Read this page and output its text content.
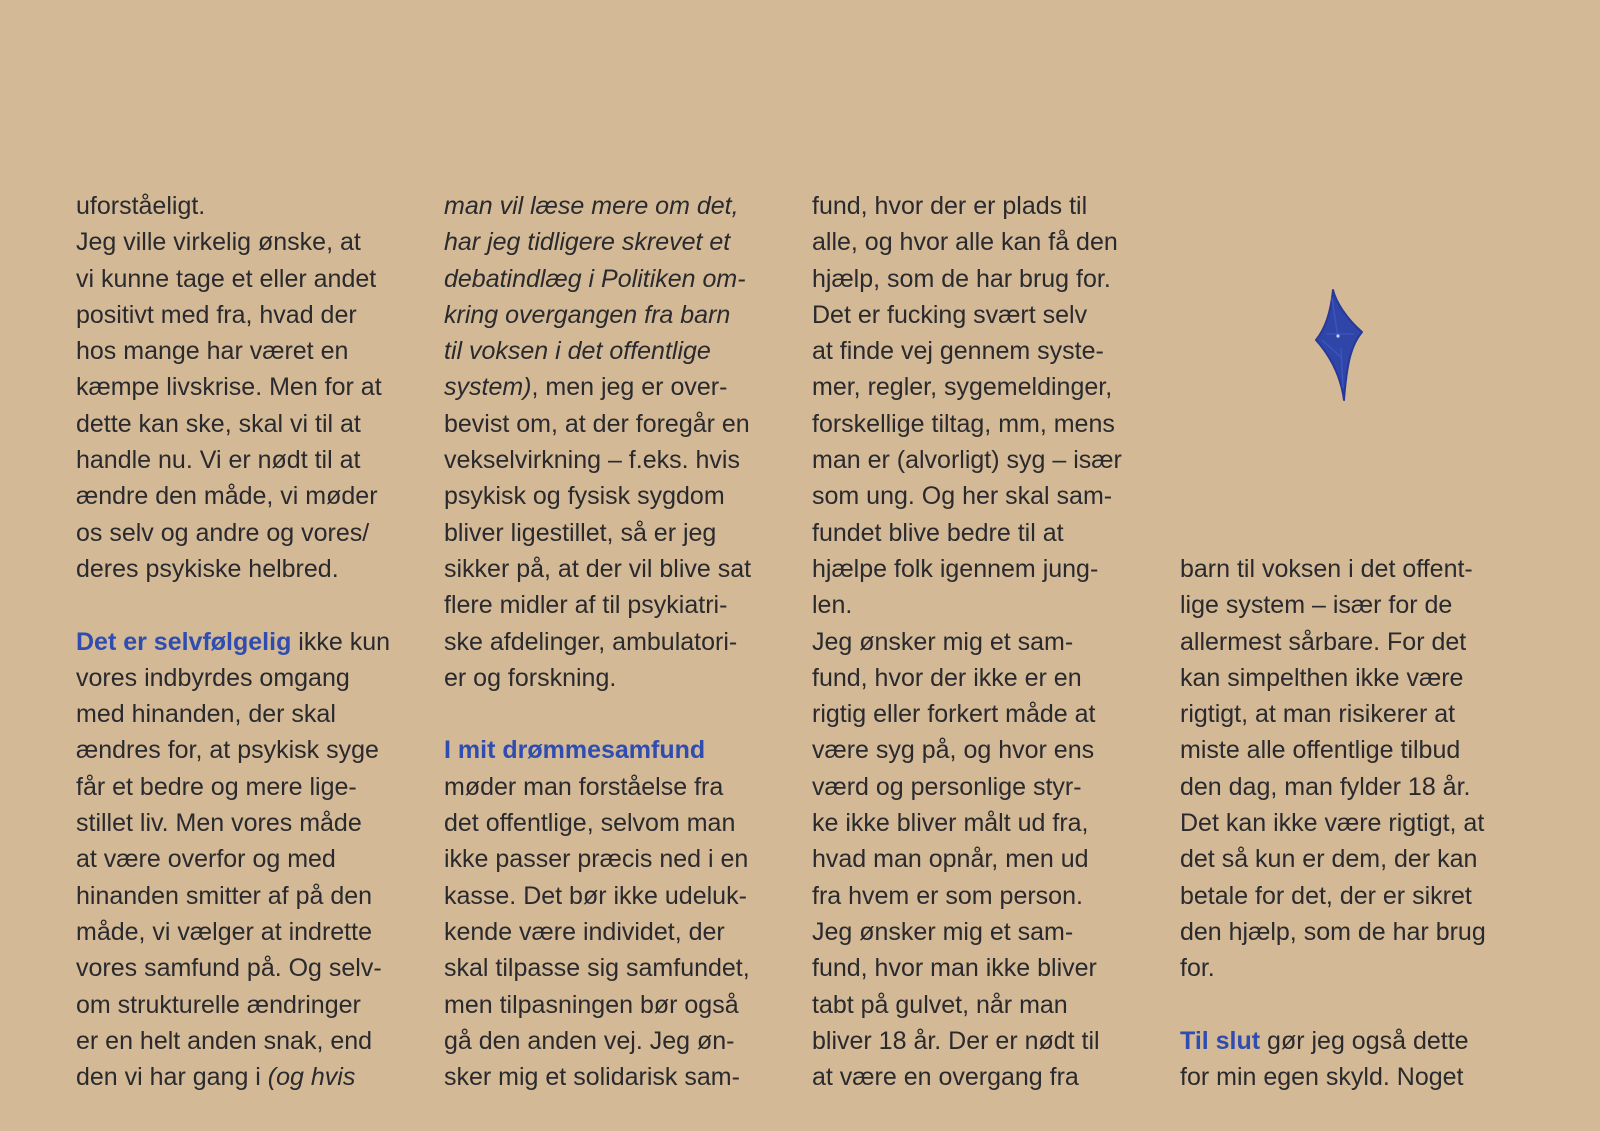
uforståeligt.
Jeg ville virkelig ønske, at
vi kunne tage et eller andet
positivt med fra, hvad der
hos mange har været en
kæmpe livskrise. Men for at
dette kan ske, skal vi til at
handle nu. Vi er nødt til at
ændre den måde, vi møder
os selv og andre og vores/
deres psykiske helbred.
Det er selvfølgelig ikke kun
vores indbyrdes omgang
med hinanden, der skal
ændres for, at psykisk syge
får et bedre og mere lige-
stillet liv. Men vores måde
at være overfor og med
hinanden smitter af på den
måde, vi vælger at indrette
vores samfund på. Og selv-
om strukturelle ændringer
er en helt anden snak, end
den vi har gang i (og hvis
man vil læse mere om det,
har jeg tidligere skrevet et
debatindlæg i Politiken om-
kring overgangen fra barn
til voksen i det offentlige
system), men jeg er over-
bevist om, at der foregår en
vekselvirkning – f.eks. hvis
psykisk og fysisk sygdom
bliver ligestillet, så er jeg
sikker på, at der vil blive sat
flere midler af til psykiatri-
ske afdelinger, ambulatori-
er og forskning.
I mit drømmesamfund
møder man forståelse fra
det offentlige, selvom man
ikke passer præcis ned i en
kasse. Det bør ikke udeluk-
kende være individet, der
skal tilpasse sig samfundet,
men tilpasningen bør også
gå den anden vej. Jeg øn-
sker mig et solidarisk sam-
fund, hvor der er plads til
alle, og hvor alle kan få den
hjælp, som de har brug for.
Det er fucking svært selv
at finde vej gennem syste-
mer, regler, sygemeldinger,
forskellige tiltag, mm, mens
man er (alvorligt) syg – især
som ung. Og her skal sam-
fundet blive bedre til at
hjælpe folk igennem jung-
len.
Jeg ønsker mig et sam-
fund, hvor der ikke er en
rigtig eller forkert måde at
være syg på, og hvor ens
værd og personlige styr-
ke ikke bliver målt ud fra,
hvad man opnår, men ud
fra hvem er som person.
Jeg ønsker mig et sam-
fund, hvor man ikke bliver
tabt på gulvet, når man
bliver 18 år. Der er nødt til
at være en overgang fra
barn til voksen i det offent-
lige system – især for de
allermest sårbare. For det
kan simpelthen ikke være
rigtigt, at man risikerer at
miste alle offentlige tilbud
den dag, man fylder 18 år.
Det kan ikke være rigtigt, at
det så kun er dem, der kan
betale for det, der er sikret
den hjælp, som de har brug
for.
Til slut gør jeg også dette
for min egen skyld. Noget
